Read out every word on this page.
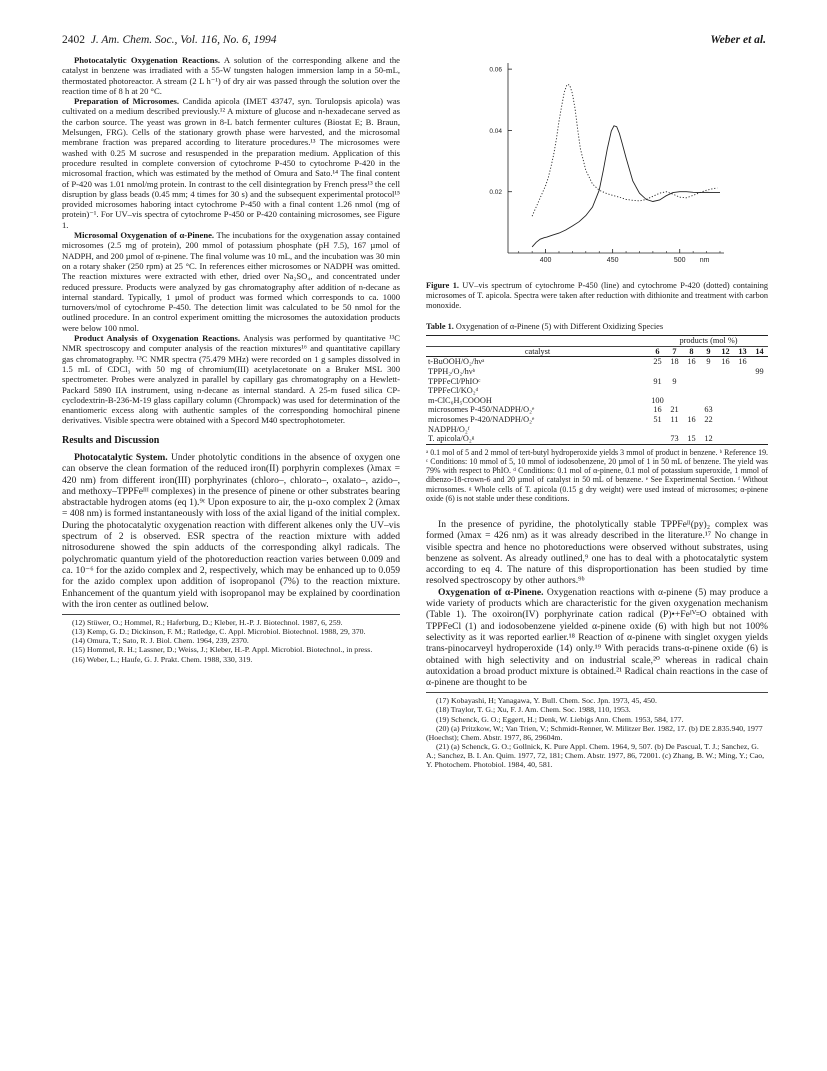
2402 J. Am. Chem. Soc., Vol. 116, No. 6, 1994	Weber et al.

Photocatalytic Oxygenation Reactions. A solution of the corresponding alkene and the catalyst in benzene was irradiated with a 55-W tungsten halogen immersion lamp in a 50-mL, thermostated photoreactor. A stream (2 L h⁻¹) of dry air was passed through the solution over the reaction time of 8 h at 20 °C.

Preparation of Microsomes. Candida apicola (IMET 43747, syn. Torulopsis apicola) was cultivated on a medium described previously.¹² A mixture of glucose and n-hexadecane served as the carbon source. The yeast was grown in 8-L batch fermenter cultures (Biostat E; B. Braun, Melsungen, FRG). Cells of the stationary growth phase were harvested, and the microsomal membrane fraction was prepared according to literature procedures.¹³ The microsomes were washed with 0.25 M sucrose and resuspended in the preparation medium. Application of this procedure resulted in complete conversion of cytochrome P-450 to cytochrome P-420 in the microsomal fraction, which was estimated by the method of Omura and Sato.¹⁴ The final content of P-420 was 1.01 nmol/mg protein. In contrast to the cell disintegration by French press¹³ the cell disruption by glass beads (0.45 mm; 4 times for 30 s) and the subsequent experimental protocol¹⁵ provided microsomes haboring intact cytochrome P-450 with a final content 1.26 nmol (mg of protein)⁻¹. For UV–vis spectra of cytochrome P-450 or P-420 containing microsomes, see Figure 1.

Microsomal Oxygenation of α-Pinene. The incubations for the oxygenation assay contained microsomes (2.5 mg of protein), 200 mmol of potassium phosphate (pH 7.5), 167 µmol of NADPH, and 200 µmol of α-pinene. The final volume was 10 mL, and the incubation was 30 min on a rotary shaker (250 rpm) at 25 °C. In references either microsomes or NADPH was omitted. The reaction mixtures were extracted with ether, dried over Na₂SO₄, and concentrated under reduced pressure. Products were analyzed by gas chromatography after addition of n-decane as internal standard. Typically, 1 µmol of product was formed which corresponds to ca. 1000 turnovers/mol of cytochrome P-450. The detection limit was calculated to be 50 nmol for the outlined procedure. In an control experiment omitting the microsomes the autoxidation products were below 100 nmol.

Product Analysis of Oxygenation Reactions. Analysis was performed by quantitative ¹³C NMR spectroscopy and computer analysis of the reaction mixtures¹⁶ and quantitative capillary gas chromatography. ¹³C NMR spectra (75.479 MHz) were recorded on 1 g samples dissolved in 1.5 mL of CDCl₃ with 50 mg of chromium(III) acetylacetonate on a Bruker MSL 300 spectrometer. Probes were analyzed in parallel by capillary gas chromatography on a Hewlett-Packard 5890 IIA instrument, using n-decane as internal standard. A 25-m fused silica CP-cyclodextrin-B-236-M-19 glass capillary column (Chrompack) was used for determination of the enantiomeric excess along with authentic samples of the corresponding homochiral pinene derivatives. Visible spectra were obtained with a Specord M40 spectrophotometer.

Results and Discussion

Photocatalytic System. Under photolytic conditions in the absence of oxygen one can observe the clean formation of the reduced iron(II) porphyrin complexes (λmax = 420 nm) from different iron(III) porphyrinates (chloro–, chlorato–, oxalato–, azido–, and methoxy–TPPFeᴵᴵᴵ complexes) in the presence of pinene or other substrates bearing abstractable hydrogen atoms (eq 1).⁹ᶜ Upon exposure to air, the µ-oxo complex 2 (λmax = 408 nm) is formed instantaneously with loss of the axial ligand of the initial complex. During the photocatalytic oxygenation reaction with different alkenes only the UV–vis spectrum of 2 is observed. ESR spectra of the reaction mixture with added nitrosodurene showed the spin adducts of the corresponding alkyl radicals. The polychromatic quantum yield of the photoreduction reaction varies between 0.009 and ca. 10⁻⁶ for the azido complex and 2, respectively, which may be enhanced up to 0.059 for the azido complex upon addition of isopropanol (7%) to the reaction mixture. Enhancement of the quantum yield with isopropanol may be explained by coordination with the iron center as outlined below.

(12) Stüwer, O.; Hommel, R.; Haferburg, D.; Kleber, H.-P. J. Biotechnol. 1987, 6, 259.
(13) Kemp, G. D.; Dickinson, F. M.; Ratledge, C. Appl. Microbiol. Biotechnol. 1988, 29, 370.
(14) Omura, T.; Sato, R. J. Biol. Chem. 1964, 239, 2370.
(15) Hommel, R. H.; Lassner, D.; Weiss, J.; Kleber, H.-P. Appl. Microbiol. Biotechnol., in press.
(16) Weber, L.; Haufe, G. J. Prakt. Chem. 1988, 330, 319.
0.02
0.04
0.06
400	450	500 nm
Figure 1. UV–vis spectrum of cytochrome P-450 (line) and cytochrome P-420 (dotted) containing microsomes of T. apicola. Spectra were taken after reduction with dithionite and treatment with carbon monoxide.
Table 1. Oxygenation of α-Pinene (5) with Different Oxidizing Species
	products (mol %)						
catalyst	6	7	8	9	12	13	14
t-BuOOH/O₂/hνᵃ	25	18	16	9	16	16	
TPPH₂/O₂/hνᵇ							99
TPPFeCl/PhIOᶜ	91	9					
TPPFeCl/KO₂ᵈ							
m-ClC₆H₅COOOH	100						
microsomes P-450/NADPH/O₂ᵉ	16	21		63			
microsomes P-420/NADPH/O₂ᵉ	51	11	16	22			
NADPH/O₂ᶠ							
T. apicola/O₂ᵍ		73	15	12			
ᵃ 0.1 mol of 5 and 2 mmol of tert-butyl hydroperoxide yields 3 mmol of product in benzene. ᵇ Reference 19. ᶜ Conditions: 10 mmol of 5, 10 mmol of iodosobenzene, 20 µmol of 1 in 50 mL of benzene. The yield was 79% with respect to PhIO. ᵈ Conditions: 0.1 mol of α-pinene, 0.1 mol of potassium superoxide, 1 mmol of dibenzo-18-crown-6 and 20 µmol of catalyst in 50 mL of benzene. ᵉ See Experimental Section. ᶠ Without microsomes. ᵍ Whole cells of T. apicola (0.15 g dry weight) were used instead of microsomes; α-pinene oxide (6) is not stable under these conditions.

In the presence of pyridine, the photolytically stable TPPFeᴵᴵ(py)₂ complex was formed (λmax = 426 nm) as it was already described in the literature.¹⁷ No change in visible spectra and hence no photoreductions were observed without substrates, using benzene as solvent. As already outlined,⁹ one has to deal with a photocatalytic system according to eq 4. The nature of this disproportionation has been studied by time resolved spectroscopy by other authors.⁹ᵇ

Oxygenation of α-Pinene. Oxygenation reactions with α-pinene (5) may produce a wide variety of products which are characteristic for the given oxygenation mechanism (Table 1). The oxoiron(IV) porphyrinate cation radical (P)•+Feᴵⱽ꞊O obtained with TPPFeCl (1) and iodosobenzene yielded α-pinene oxide (6) with high but not 100% selectivity as it was reported earlier.¹⁸ Reaction of α-pinene with singlet oxygen yields trans-pinocarveyl hydroperoxide (14) only.¹⁹ With peracids trans-α-pinene oxide (6) is obtained with high selectivity and on industrial scale,²⁰ whereas in radical chain autoxidation a broad product mixture is obtained.²¹ Radical chain reactions in the case of α-pinene are thought to be

(17) Kobayashi, H; Yanagawa, Y. Bull. Chem. Soc. Jpn. 1973, 45, 450.
(18) Traylor, T. G.; Xu, F. J. Am. Chem. Soc. 1988, 110, 1953.
(19) Schenck, G. O.; Eggert, H.; Denk, W. Liebigs Ann. Chem. 1953, 584, 177.
(20) (a) Pritzkow, W.; Van Trien, V.; Schmidt-Renner, W. Militzer Ber. 1982, 17. (b) DE 2.835.940, 1977 (Hoechst); Chem. Abstr. 1977, 86, 29604m.
(21) (a) Schenck, G. O.; Gollnick, K. Pure Appl. Chem. 1964, 9, 507. (b) De Pascual, T. J.; Sanchez, G. A.; Sanchez, B. I. An. Quim. 1977, 72, 181; Chem. Abstr. 1977, 86, 72001. (c) Zhang, B. W.; Ming, Y.; Cao, Y. Photochem. Photobiol. 1984, 40, 581.
